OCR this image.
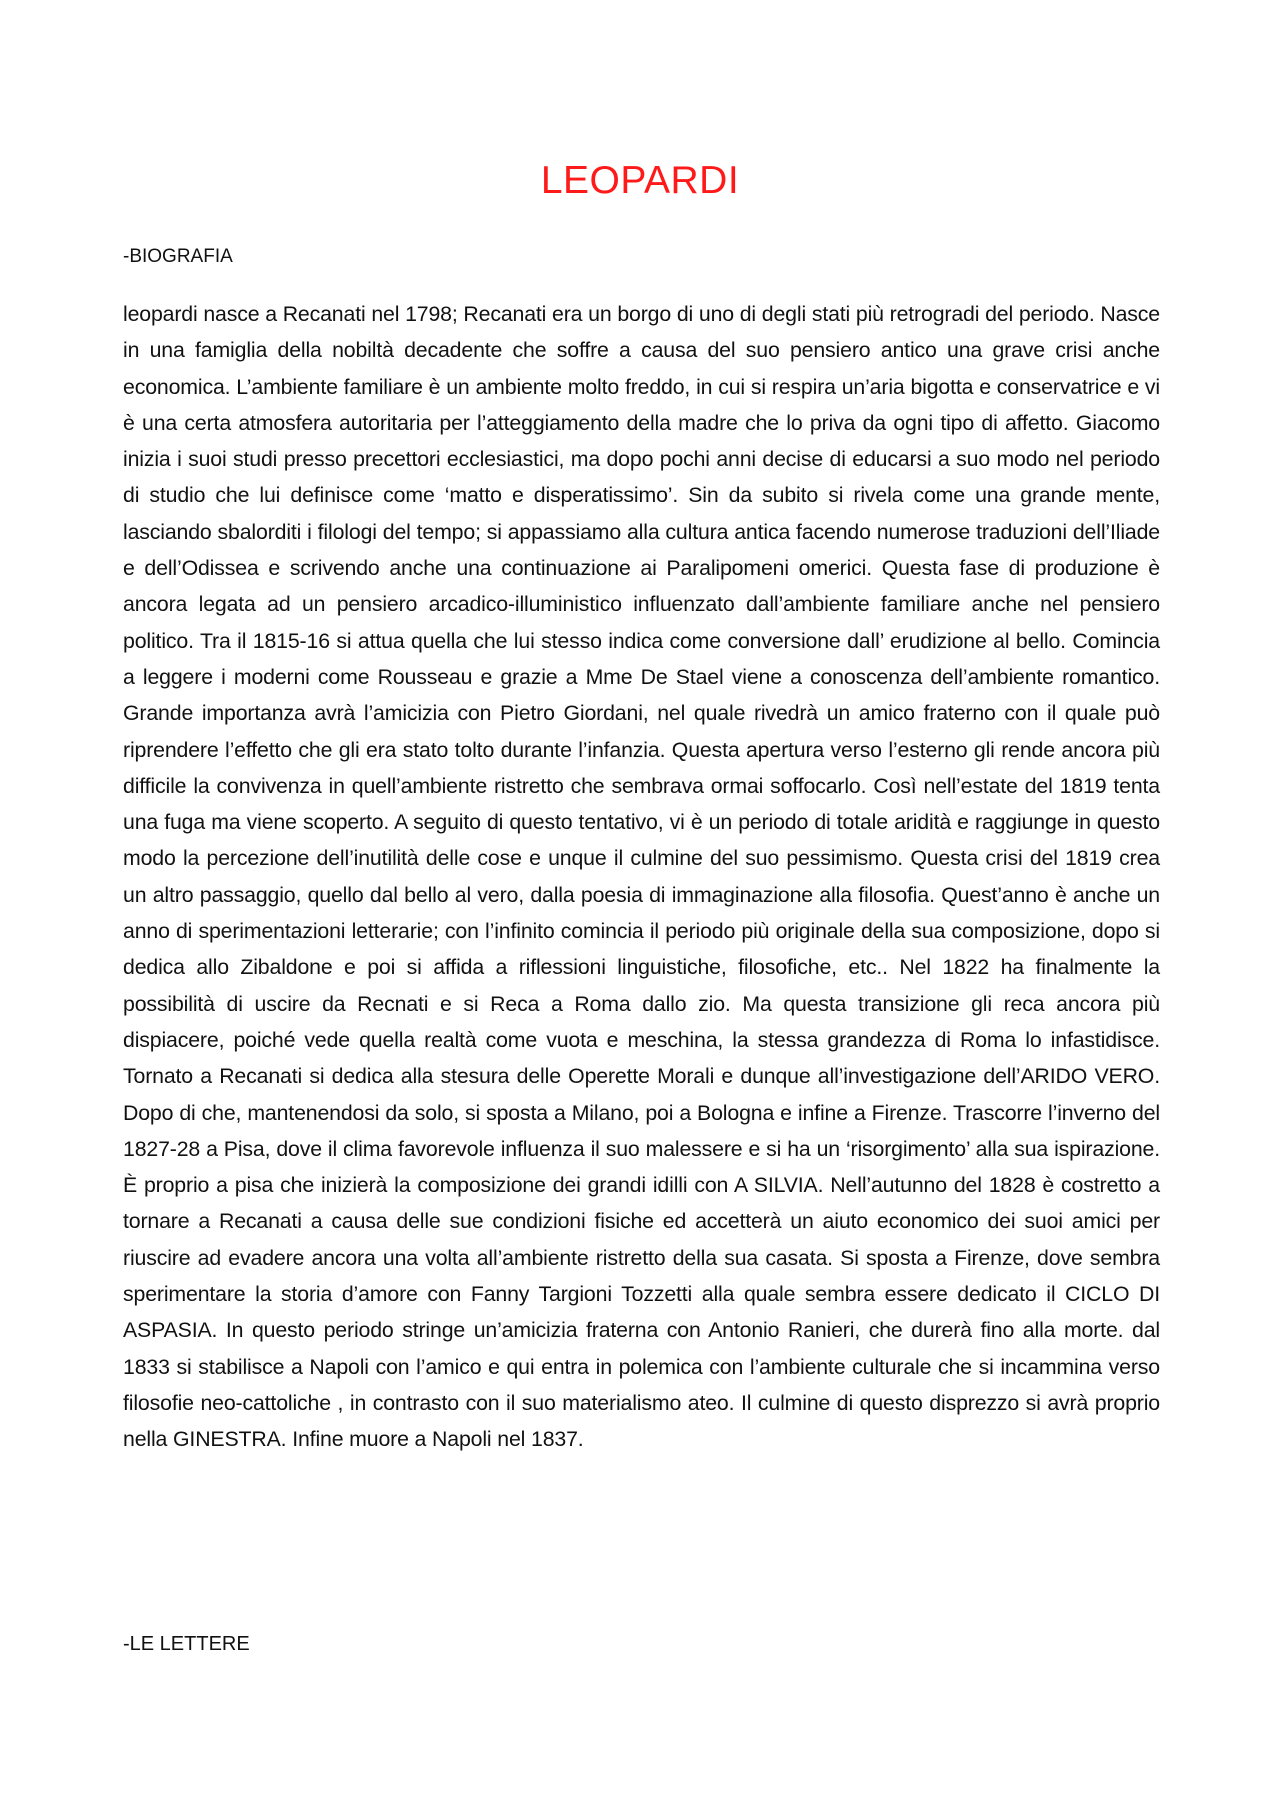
LEOPARDI

-BIOGRAFIA

leopardi nasce a Recanati nel 1798; Recanati era un borgo di uno di degli stati più retrogradi del periodo. Nasce in una famiglia della nobiltà decadente che soffre a causa del suo pensiero antico una grave crisi anche economica. L’ambiente familiare è un ambiente molto freddo, in cui si respira un’aria bigotta e conservatrice e vi è una certa atmosfera autoritaria per l’atteggiamento della madre che lo priva da ogni tipo di affetto. Giacomo inizia i suoi studi presso precettori ecclesiastici, ma dopo pochi anni decise di educarsi a suo modo nel periodo di studio che lui definisce come ‘matto e disperatissimo’. Sin da subito si rivela come una grande mente, lasciando sbalorditi i filologi del tempo; si appassiamo alla cultura antica facendo numerose traduzioni dell’Iliade e dell’Odissea e scrivendo anche una continuazione ai Paralipomeni omerici. Questa fase di produzione è ancora legata ad un pensiero arcadico-illuministico influenzato dall’ambiente familiare anche nel pensiero politico. Tra il 1815-16 si attua quella che lui stesso indica come conversione dall’ erudizione al bello. Comincia a leggere i moderni come Rousseau e grazie a Mme De Stael viene a conoscenza dell’ambiente romantico. Grande importanza avrà l’amicizia con Pietro Giordani, nel quale rivedrà un amico fraterno con il quale può riprendere l’effetto che gli era stato tolto durante l’infanzia. Questa apertura verso l’esterno gli rende ancora più difficile la convivenza in quell’ambiente ristretto che sembrava ormai soffocarlo. Così nell’estate del 1819 tenta una fuga ma viene scoperto. A seguito di questo tentativo, vi è un periodo di totale aridità e raggiunge in questo modo la percezione dell’inutilità delle cose e unque il culmine del suo pessimismo. Questa crisi del 1819 crea un altro passaggio, quello dal bello al vero, dalla poesia di immaginazione alla filosofia. Quest’anno è anche un anno di sperimentazioni letterarie; con l’infinito comincia il periodo più originale della sua composizione, dopo si dedica allo Zibaldone e poi si affida a riflessioni linguistiche, filosofiche, etc.. Nel 1822 ha finalmente la possibilità di uscire da Recnati e si Reca a Roma dallo zio. Ma questa transizione gli reca ancora più dispiacere, poiché vede quella realtà come vuota e meschina, la stessa grandezza di Roma lo infastidisce. Tornato a Recanati si dedica alla stesura delle Operette Morali e dunque all’investigazione dell’ARIDO VERO. Dopo di che, mantenendosi da solo, si sposta a Milano, poi a Bologna e infine a Firenze. Trascorre l’inverno del 1827-28 a Pisa, dove il clima favorevole influenza il suo malessere e si ha un ‘risorgimento’ alla sua ispirazione. È proprio a pisa che inizierà la composizione dei grandi idilli con A SILVIA. Nell’autunno del 1828 è costretto a tornare a Recanati a causa delle sue condizioni fisiche ed accetterà un aiuto economico dei suoi amici per riuscire ad evadere ancora una volta all’ambiente ristretto della sua casata. Si sposta a Firenze, dove sembra sperimentare la storia d’amore con Fanny Targioni Tozzetti alla quale sembra essere dedicato il CICLO DI ASPASIA. In questo periodo stringe un’amicizia fraterna con Antonio Ranieri, che durerà fino alla morte. dal 1833 si stabilisce a Napoli con l’amico e qui entra in polemica con l’ambiente culturale che si incammina verso filosofie neo-cattoliche , in contrasto con il suo materialismo ateo. Il culmine di questo disprezzo si avrà proprio nella GINESTRA. Infine muore a Napoli nel 1837.

-LE LETTERE
